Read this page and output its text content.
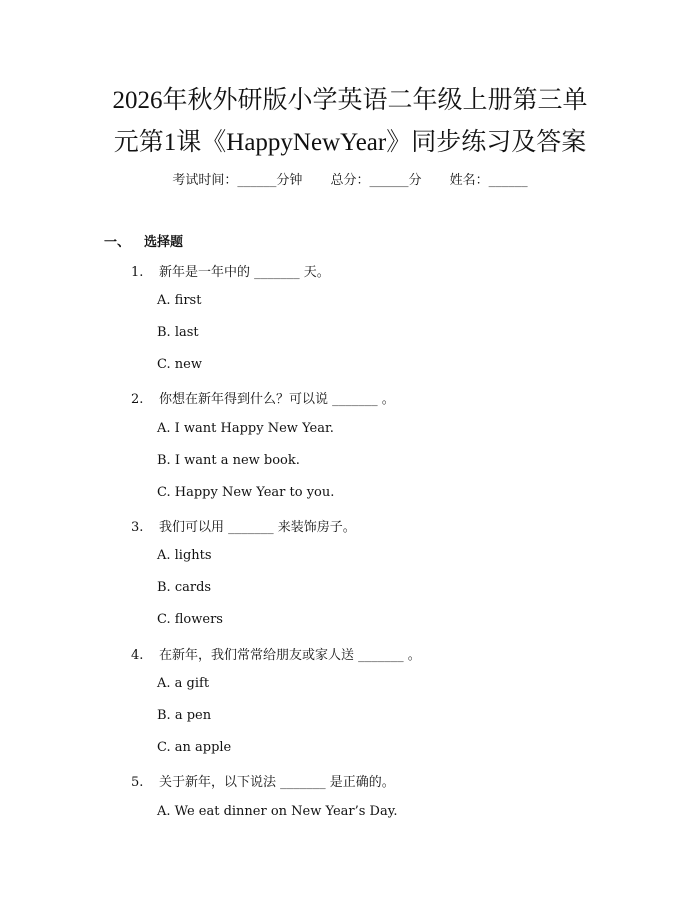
2026年秋外研版小学英语二年级上册第三单
元第1课《HappyNewYear》同步练习及答案
考试时间：______分钟 总分：______分 姓名：______
一、 选择题
1. 新年是一年中的 _______ 天。
A. first
B. last
C. new
2. 你想在新年得到什么？可以说 _______ 。
A. I want Happy New Year.
B. I want a new book.
C. Happy New Year to you.
3. 我们可以用 _______ 来装饰房子。
A. lights
B. cards
C. flowers
4. 在新年，我们常常给朋友或家人送 _______ 。
A. a gift
B. a pen
C. an apple
5. 关于新年，以下说法 _______ 是正确的。
A. We eat dinner on New Year’s Day.
